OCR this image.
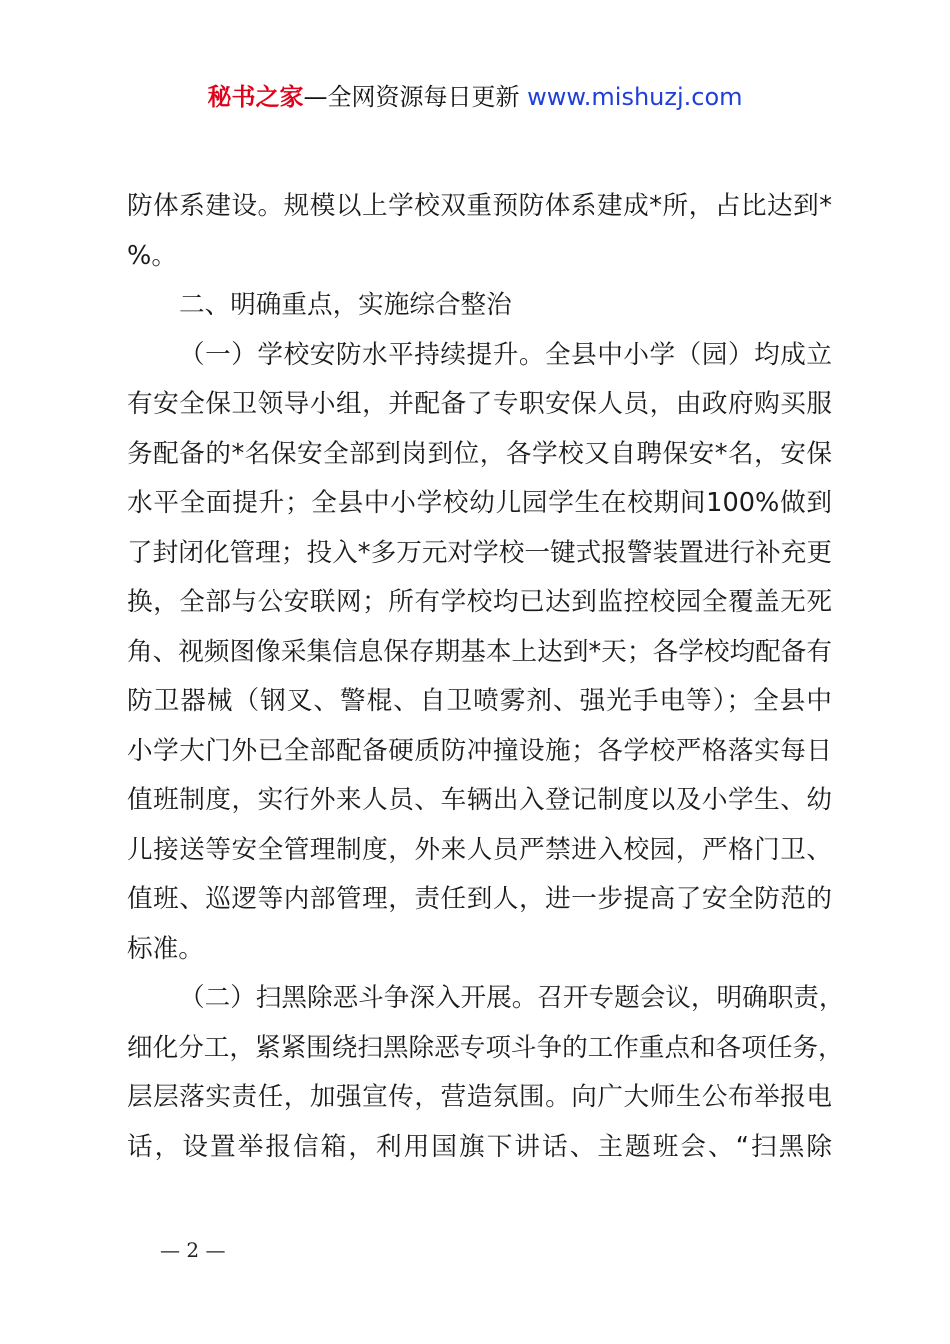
秘书之家—全网资源每日更新 www.mishuzj.com
防体系建设。规模以上学校双重预防体系建成*所，占比达到*
%。
二、明确重点，实施综合整治
（一）学校安防水平持续提升。全县中小学（园）均成立
有安全保卫领导小组，并配备了专职安保人员，由政府购买服
务配备的*名保安全部到岗到位，各学校又自聘保安*名，安保
水平全面提升；全县中小学校幼儿园学生在校期间100%做到
了封闭化管理；投入*多万元对学校一键式报警装置进行补充更
换，全部与公安联网；所有学校均已达到监控校园全覆盖无死
角、视频图像采集信息保存期基本上达到*天；各学校均配备有
防卫器械（钢叉、警棍、自卫喷雾剂、强光手电等）；全县中
小学大门外已全部配备硬质防冲撞设施；各学校严格落实每日
值班制度，实行外来人员、车辆出入登记制度以及小学生、幼
儿接送等安全管理制度，外来人员严禁进入校园，严格门卫、
值班、巡逻等内部管理，责任到人，进一步提高了安全防范的
标准。
（二）扫黑除恶斗争深入开展。召开专题会议，明确职责，
细化分工，紧紧围绕扫黑除恶专项斗争的工作重点和各项任务，
层层落实责任，加强宣传，营造氛围。向广大师生公布举报电
话，设置举报信箱，利用国旗下讲话、主题班会、“扫黑除
— 2 —
